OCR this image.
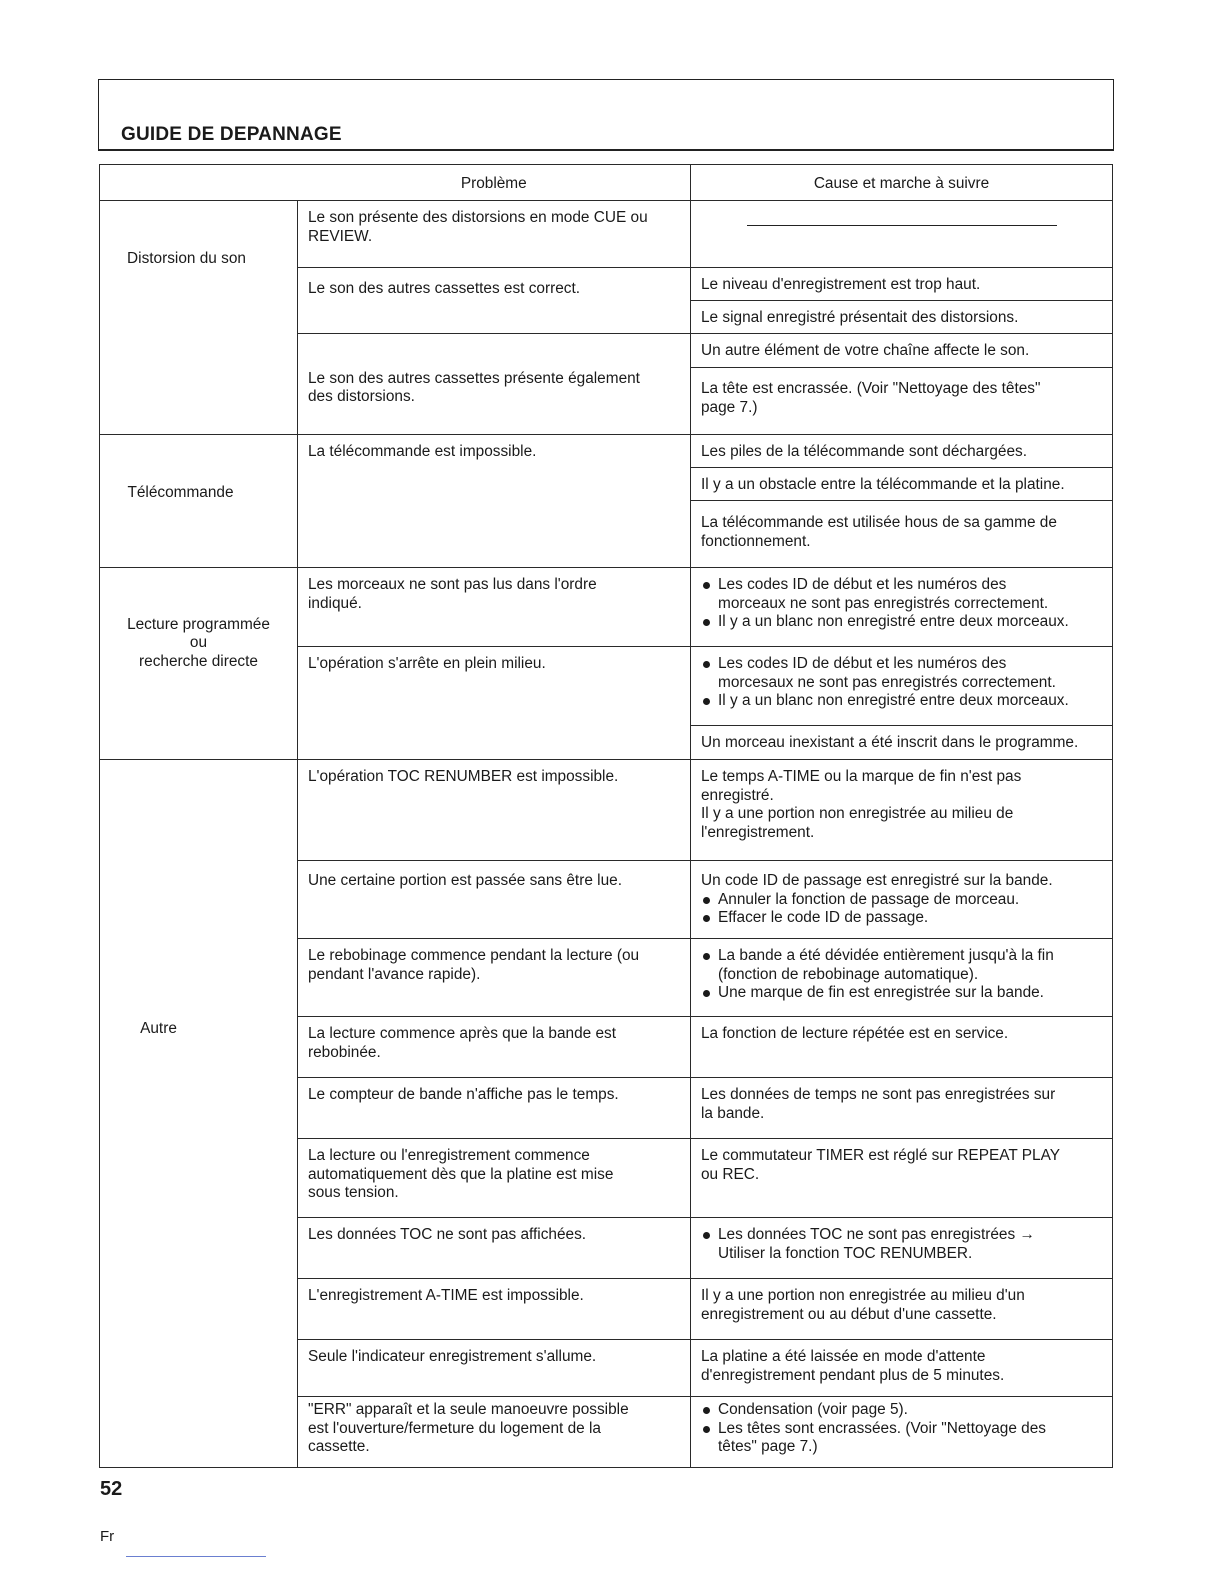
GUIDE DE DEPANNAGE
	Problème	Cause et marche à suivre
Distorsion du son	Le son présente des distorsions en mode CUE ou
REVIEW.	

	Le son des autres cassettes est correct.	Le niveau d'enregistrement est trop haut.

		Le signal enregistré présentait des distorsions.

	Le son des autres cassettes présente également
des distorsions.	Un autre élément de votre chaîne affecte le son.

		La tête est encrassée. (Voir "Nettoyage des têtes"
page 7.)

Télécommande	La télécommande est impossible.	Les piles de la télécommande sont déchargées.

		Il y a un obstacle entre la télécommande et la platine.

		La télécommande est utilisée hous de sa gamme de
fonctionnement.

Lecture programmée
ou
recherche directe	Les morceaux ne sont pas lus dans l'ordre
indiqué.	Les codes ID de début et les numéros des
morceaux ne sont pas enregistrés correctement.
Il y a un blanc non enregistré entre deux morceaux.

	L'opération s'arrête en plein milieu.	Les codes ID de début et les numéros des
morcesaux ne sont pas enregistrés correctement.
Il y a un blanc non enregistré entre deux morceaux.

		Un morceau inexistant a été inscrit dans le programme.

Autre	L'opération TOC RENUMBER est impossible.	Le temps A-TIME ou la marque de fin n'est pas
enregistré.
Il y a une portion non enregistrée au milieu de
l'enregistrement.

	Une certaine portion est passée sans être lue.	Un code ID de passage est enregistré sur la bande.
Annuler la fonction de passage de morceau.
Effacer le code ID de passage.

	Le rebobinage commence pendant la lecture (ou
pendant l'avance rapide).	La bande a été dévidée entièrement jusqu'à la fin
(fonction de rebobinage automatique).
Une marque de fin est enregistrée sur la bande.

	La lecture commence après que la bande est
rebobinée.	La fonction de lecture répétée est en service.

	Le compteur de bande n'affiche pas le temps.	Les données de temps ne sont pas enregistrées sur
la bande.

	La lecture ou l'enregistrement commence
automatiquement dès que la platine est mise
sous tension.	Le commutateur TIMER est réglé sur REPEAT PLAY
ou REC.

	Les données TOC ne sont pas affichées.	Les données TOC ne sont pas enregistrées →
Utiliser la fonction TOC RENUMBER.

	L'enregistrement A-TIME est impossible.	Il y a une portion non enregistrée au milieu d'un
enregistrement ou au début d'une cassette.

	Seule l'indicateur enregistrement s'allume.	La platine a été laissée en mode d'attente
d'enregistrement pendant plus de 5 minutes.

	"ERR" apparaît et la seule manoeuvre possible
est l'ouverture/fermeture du logement de la
cassette.	Condensation (voir page 5).
Les têtes sont encrassées. (Voir "Nettoyage des
têtes" page 7.)
52
Fr
